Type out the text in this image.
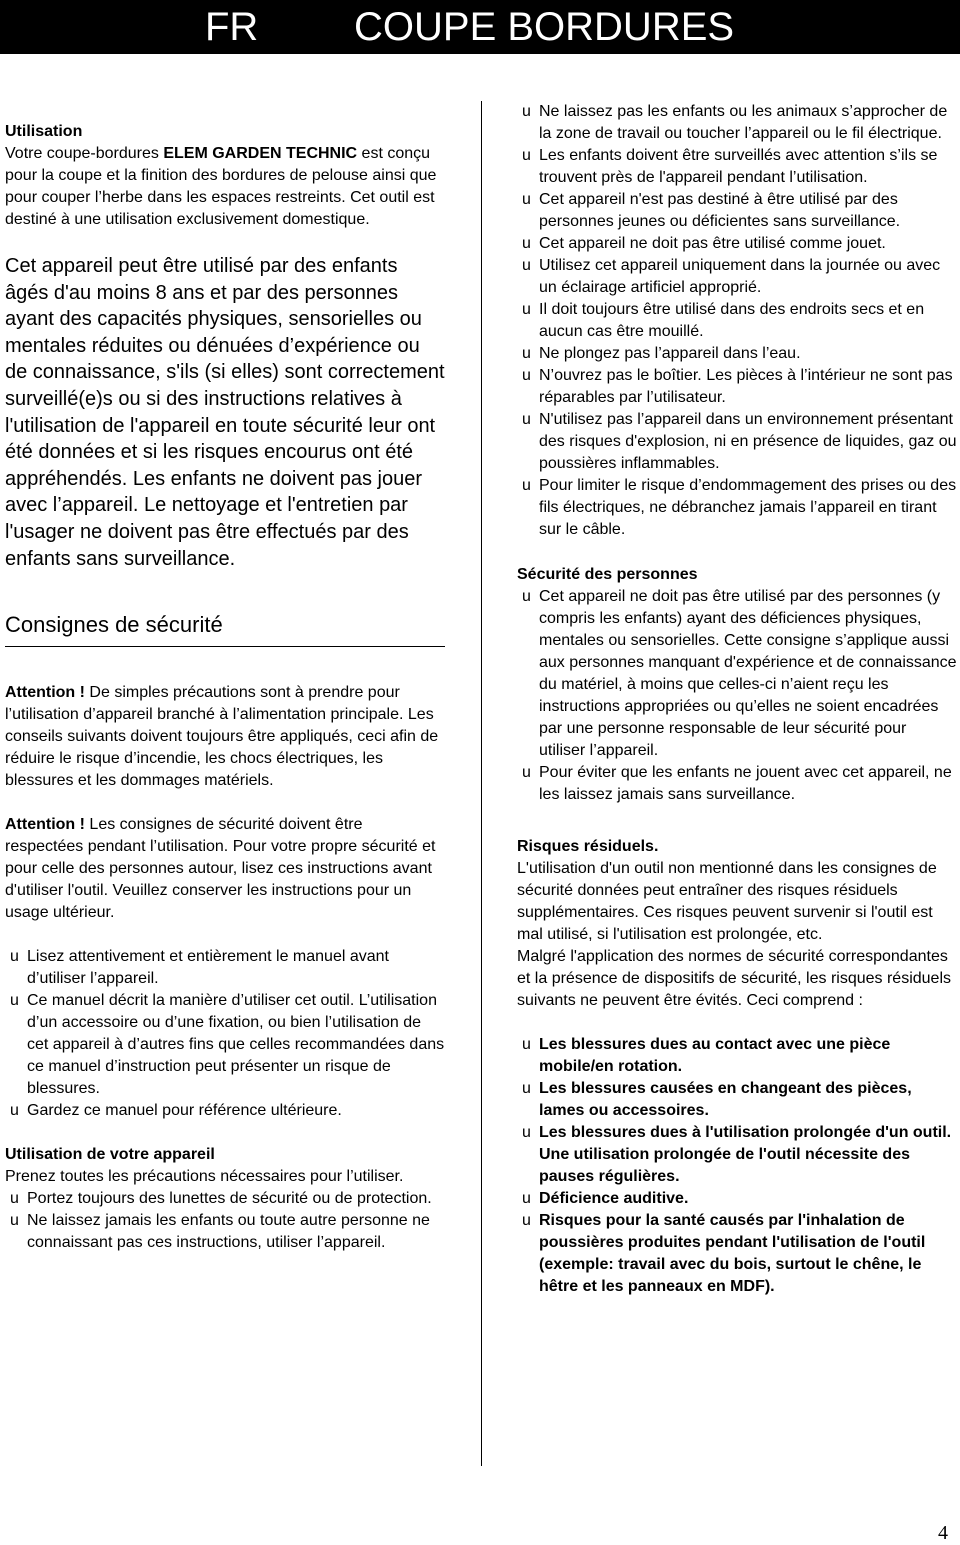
FR COUPE BORDURES

Utilisation

Votre coupe-bordures ELEM GARDEN TECHNIC est conçu pour la coupe et la finition des bordures de pelouse ainsi que pour couper l’herbe dans les espaces restreints. Cet outil est destiné à une utilisation exclusivement domestique.

Cet appareil peut être utilisé par des enfants âgés d'au moins 8 ans et par des personnes ayant des capacités physiques, sensorielles ou mentales réduites ou dénuées d’expérience ou de connaissance, s'ils (si elles) sont correctement surveillé(e)s ou si des instructions relatives à l'utilisation de l'appareil en toute sécurité leur ont été données et si les risques encourus ont été appréhendés. Les enfants ne doivent pas jouer avec l’appareil. Le nettoyage et l'entretien par l'usager ne doivent pas être effectués par des enfants sans surveillance.

Consignes de sécurité

Attention ! De simples précautions sont à prendre pour l’utilisation d’appareil branché à l’alimentation principale. Les conseils suivants doivent toujours être appliqués, ceci afin de réduire le risque d’incendie, les chocs électriques, les blessures et les dommages matériels.

Attention ! Les consignes de sécurité doivent être respectées pendant l’utilisation. Pour votre propre sécurité et pour celle des personnes autour, lisez ces instructions avant d'utiliser l'outil. Veuillez conserver les instructions pour un usage ultérieur.

u Lisez attentivement et entièrement le manuel avant d’utiliser l’appareil.
u Ce manuel décrit la manière d’utiliser cet outil. L’utilisation d’un accessoire ou d’une fixation, ou bien l’utilisation de cet appareil à d’autres fins que celles recommandées dans ce manuel d’instruction peut présenter un risque de blessures.
u Gardez ce manuel pour référence ultérieure.

Utilisation de votre appareil

Prenez toutes les précautions nécessaires pour l’utiliser.

u Portez toujours des lunettes de sécurité ou de protection.
u Ne laissez jamais les enfants ou toute autre personne ne connaissant pas ces instructions, utiliser l’appareil.
u Ne laissez pas les enfants ou les animaux s’approcher de la zone de travail ou toucher l’appareil ou le fil électrique.
u Les enfants doivent être surveillés avec attention s’ils se trouvent près de l'appareil pendant l’utilisation.
u Cet appareil n'est pas destiné à être utilisé par des personnes jeunes ou déficientes sans surveillance.
u Cet appareil ne doit pas être utilisé comme jouet.
u Utilisez cet appareil uniquement dans la journée ou avec un éclairage artificiel approprié.
u Il doit toujours être utilisé dans des endroits secs et en aucun cas être mouillé.
u Ne plongez pas l’appareil dans l’eau.
u N’ouvrez pas le boîtier. Les pièces à l’intérieur ne sont pas réparables par l’utilisateur.
u N'utilisez pas l’appareil dans un environnement présentant des risques d'explosion, ni en présence de liquides, gaz ou poussières inflammables.
u Pour limiter le risque d’endommagement des prises ou des fils électriques, ne débranchez jamais l’appareil en tirant sur le câble.

Sécurité des personnes

u Cet appareil ne doit pas être utilisé par des personnes (y compris les enfants) ayant des déficiences physiques, mentales ou sensorielles. Cette consigne s’applique aussi aux personnes manquant d'expérience et de connaissance du matériel, à moins que celles-ci n’aient reçu les instructions appropriées ou qu’elles ne soient encadrées par une personne responsable de leur sécurité pour utiliser l’appareil.
u Pour éviter que les enfants ne jouent avec cet appareil, ne les laissez jamais sans surveillance.

Risques résiduels.

L'utilisation d'un outil non mentionné dans les consignes de sécurité données peut entraîner des risques résiduels supplémentaires. Ces risques peuvent survenir si l'outil est mal utilisé, si l'utilisation est prolongée, etc.

Malgré l'application des normes de sécurité correspondantes et la présence de dispositifs de sécurité, les risques résiduels suivants ne peuvent être évités. Ceci comprend :

u Les blessures dues au contact avec une pièce mobile/en rotation.
u Les blessures causées en changeant des pièces, lames ou accessoires.
u Les blessures dues à l'utilisation prolongée d'un outil. Une utilisation prolongée de l'outil nécessite des pauses régulières.
u Déficience auditive.
u Risques pour la santé causés par l'inhalation de poussières produites pendant l'utilisation de l'outil (exemple: travail avec du bois, surtout le chêne, le hêtre et les panneaux en MDF).
4
